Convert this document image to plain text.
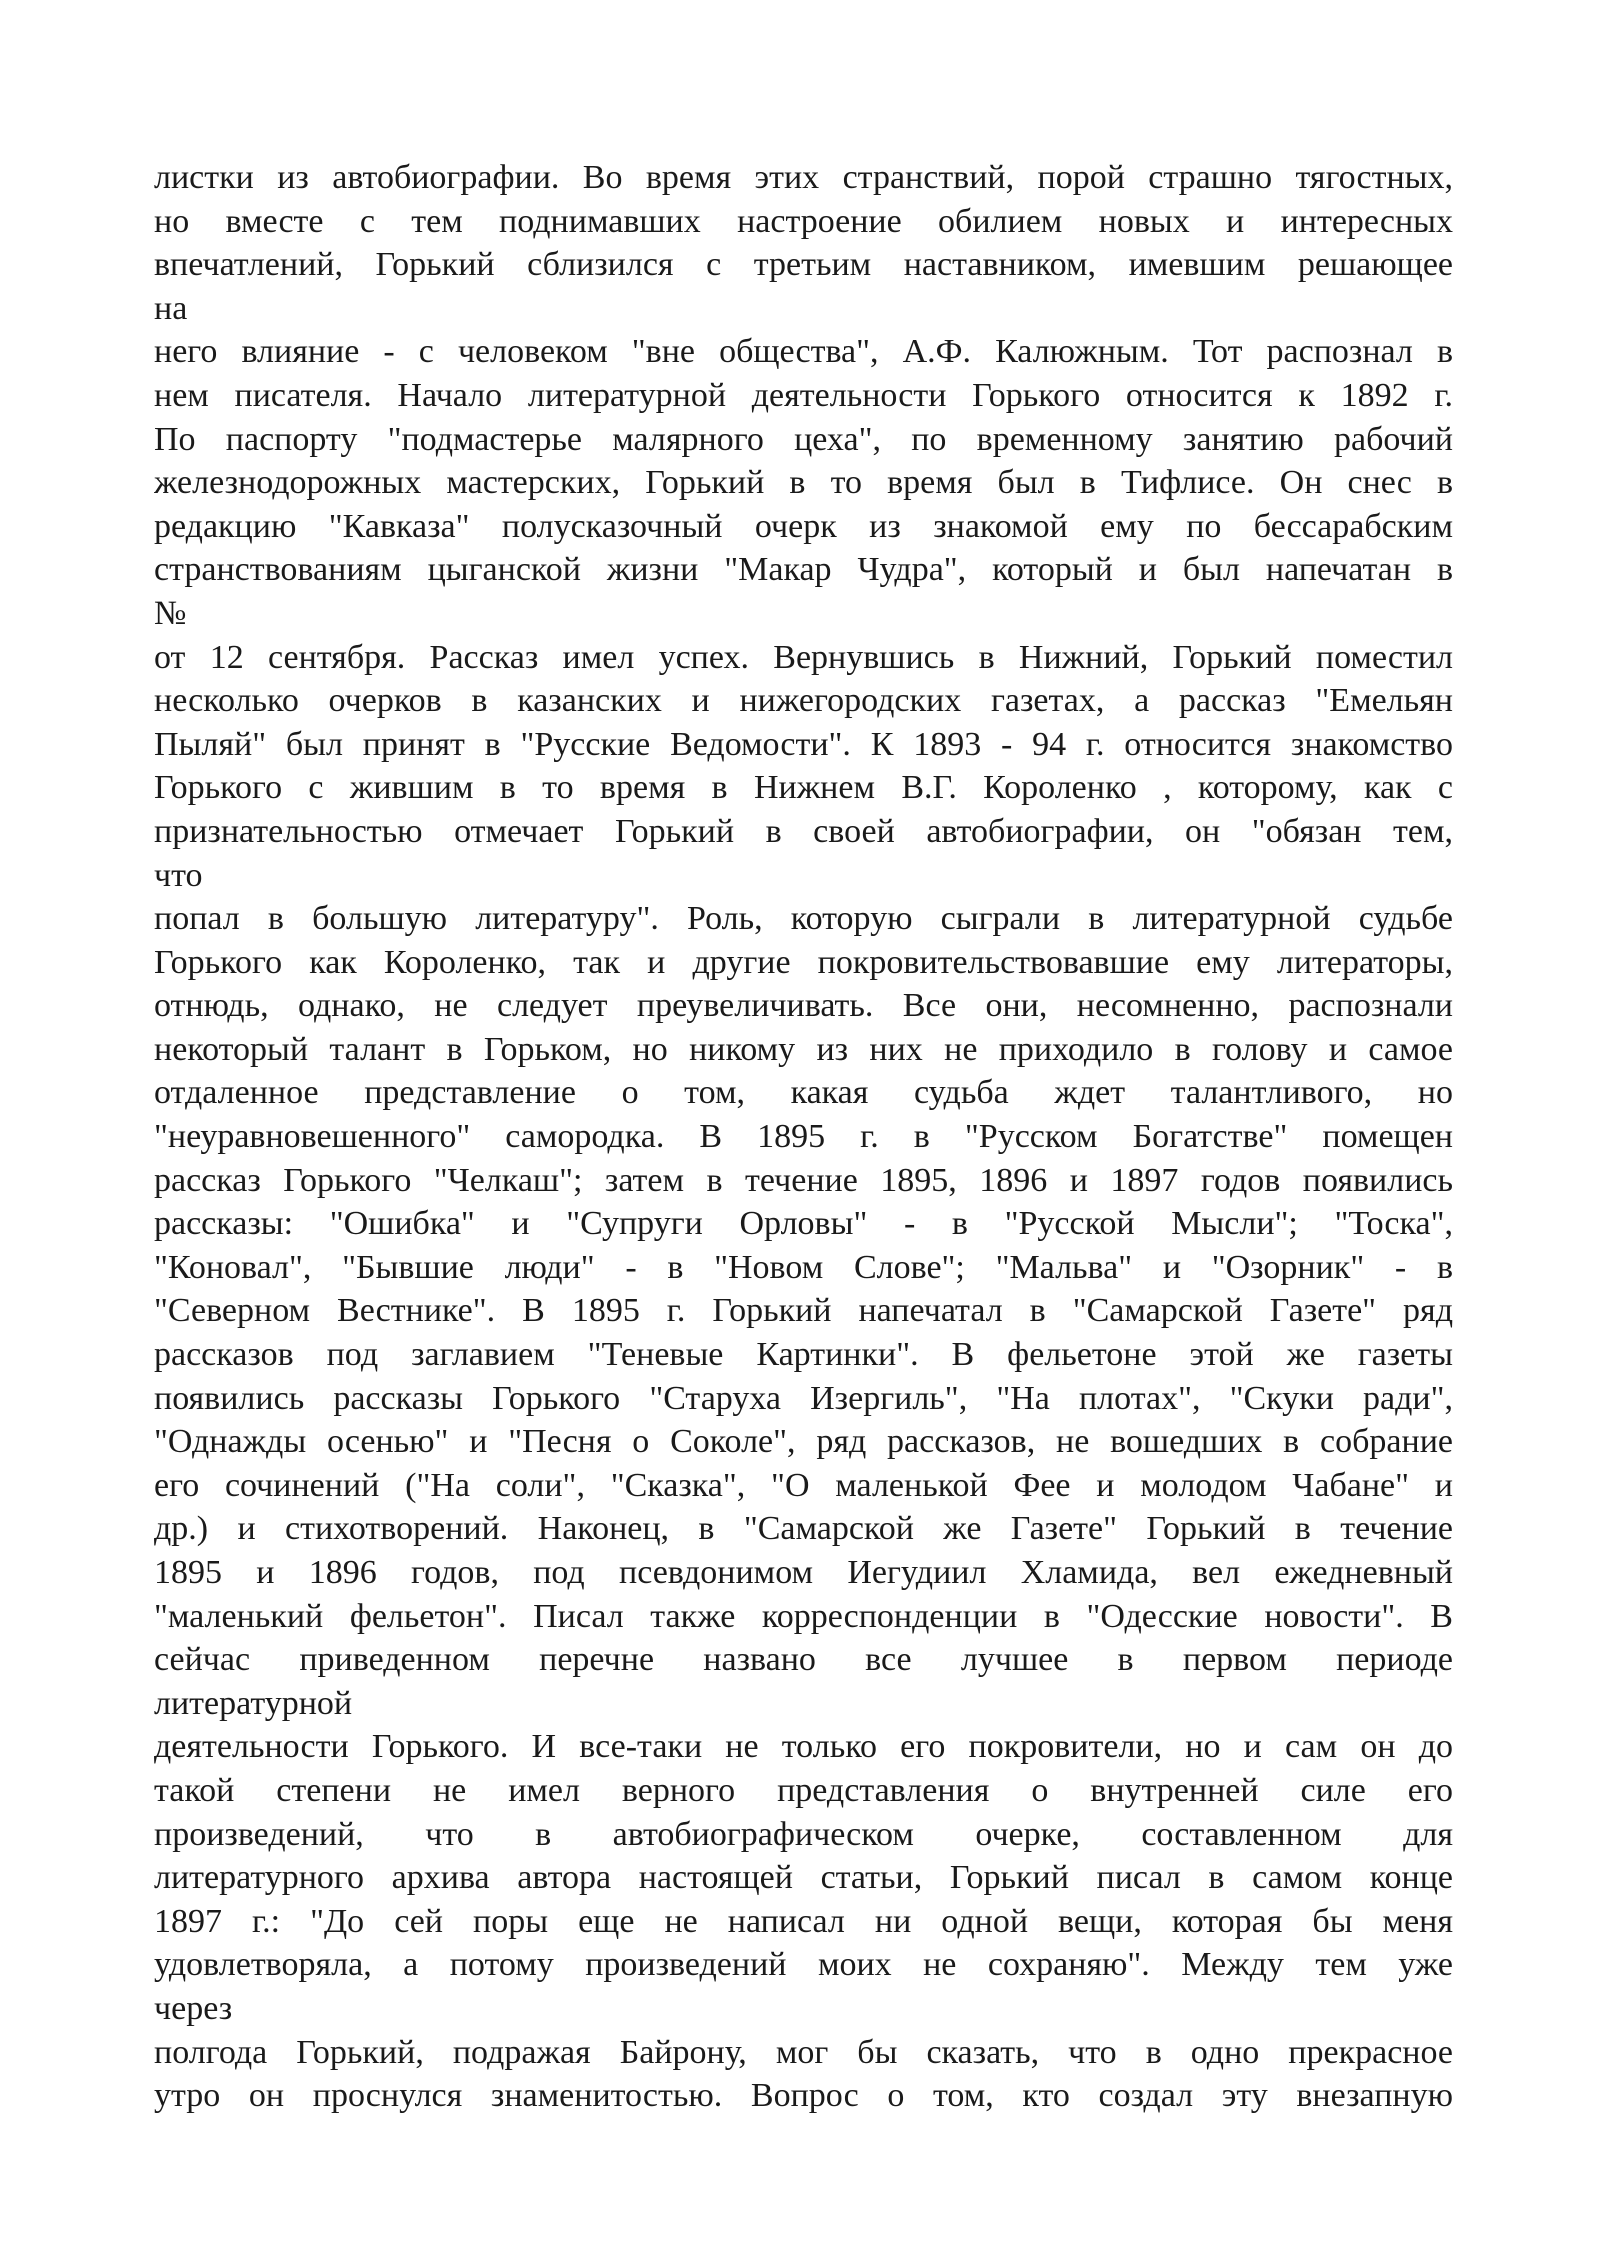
листки из автобиографии. Во время этих странствий, порой страшно тягостных,
но вместе с тем поднимавших настроение обилием новых и интересных
впечатлений, Горький сблизился с третьим наставником, имевшим решающее
на
него влияние - с человеком "вне общества", А.Ф. Калюжным. Тот распознал в
нем писателя. Начало литературной деятельности Горького относится к 1892 г.
По паспорту "подмастерье малярного цеха", по временному занятию рабочий
железнодорожных мастерских, Горький в то время был в Тифлисе. Он снес в
редакцию "Кавказа" полусказочный очерк из знакомой ему по бессарабским
странствованиям цыганской жизни "Макар Чудра", который и был напечатан в
№
от 12 сентября. Рассказ имел успех. Вернувшись в Нижний, Горький поместил
несколько очерков в казанских и нижегородских газетах, а рассказ "Емельян
Пыляй" был принят в "Русские Ведомости". К 1893 - 94 г. относится знакомство
Горького с жившим в то время в Нижнем В.Г. Короленко , которому, как с
признательностью отмечает Горький в своей автобиографии, он "обязан тем,
что
попал в большую литературу". Роль, которую сыграли в литературной судьбе
Горького как Короленко, так и другие покровительствовавшие ему литераторы,
отнюдь, однако, не следует преувеличивать. Все они, несомненно, распознали
некоторый талант в Горьком, но никому из них не приходило в голову и самое
отдаленное представление о том, какая судьба ждет талантливого, но
"неуравновешенного" самородка. В 1895 г. в "Русском Богатстве" помещен
рассказ Горького "Челкаш"; затем в течение 1895, 1896 и 1897 годов появились
рассказы: "Ошибка" и "Супруги Орловы" - в "Русской Мысли"; "Тоска",
"Коновал", "Бывшие люди" - в "Новом Слове"; "Мальва" и "Озорник" - в
"Северном Вестнике". В 1895 г. Горький напечатал в "Самарской Газете" ряд
рассказов под заглавием "Теневые Картинки". В фельетоне этой же газеты
появились рассказы Горького "Старуха Изергиль", "На плотах", "Скуки ради",
"Однажды осенью" и "Песня о Соколе", ряд рассказов, не вошедших в собрание
его сочинений ("На соли", "Сказка", "О маленькой Фее и молодом Чабане" и
др.) и стихотворений. Наконец, в "Самарской же Газете" Горький в течение
1895 и 1896 годов, под псевдонимом Иегудиил Хламида, вел ежедневный
"маленький фельетон". Писал также корреспонденции в "Одесские новости". В
сейчас приведенном перечне названо все лучшее в первом периоде
литературной
деятельности Горького. И все-таки не только его покровители, но и сам он до
такой степени не имел верного представления о внутренней силе его
произведений, что в автобиографическом очерке, составленном для
литературного архива автора настоящей статьи, Горький писал в самом конце
1897 г.: "До сей поры еще не написал ни одной вещи, которая бы меня
удовлетворяла, а потому произведений моих не сохраняю". Между тем уже
через
полгода Горький, подражая Байрону, мог бы сказать, что в одно прекрасное
утро он проснулся знаменитостью. Вопрос о том, кто создал эту внезапную
